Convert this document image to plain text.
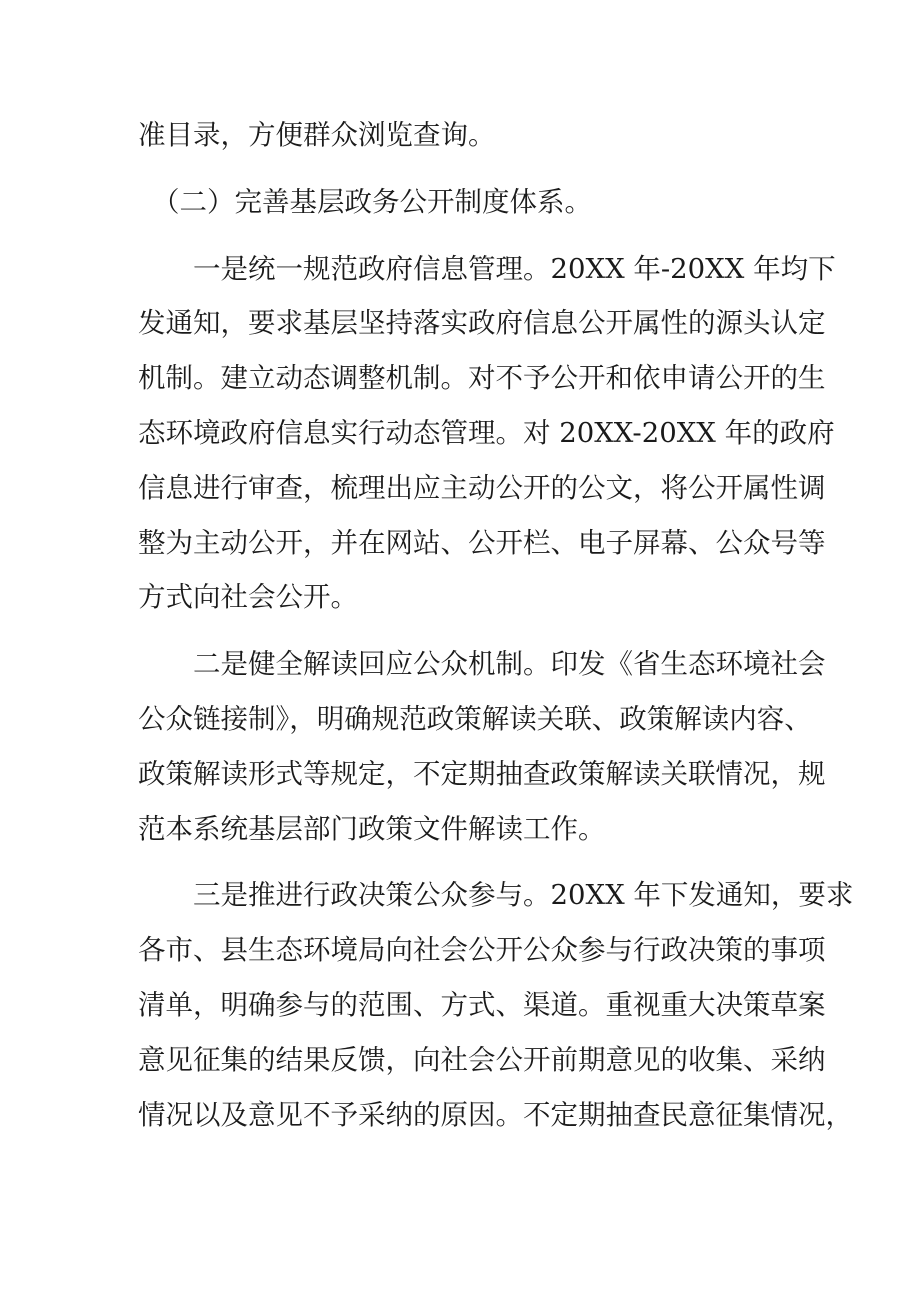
准目录，方便群众浏览查询。
（二）完善基层政务公开制度体系。
一是统一规范政府信息管理。20XX 年-20XX 年均下
发通知，要求基层坚持落实政府信息公开属性的源头认定
机制。建立动态调整机制。对不予公开和依申请公开的生
态环境政府信息实行动态管理。对 20XX-20XX 年的政府
信息进行审查，梳理出应主动公开的公文，将公开属性调
整为主动公开，并在网站、公开栏、电子屏幕、公众号等
方式向社会公开。
二是健全解读回应公众机制。印发《省生态环境社会
公众链接制》，明确规范政策解读关联、政策解读内容、
政策解读形式等规定，不定期抽查政策解读关联情况，规
范本系统基层部门政策文件解读工作。
三是推进行政决策公众参与。20XX 年下发通知，要求
各市、县生态环境局向社会公开公众参与行政决策的事项
清单，明确参与的范围、方式、渠道。重视重大决策草案
意见征集的结果反馈，向社会公开前期意见的收集、采纳
情况以及意见不予采纳的原因。不定期抽查民意征集情况，
